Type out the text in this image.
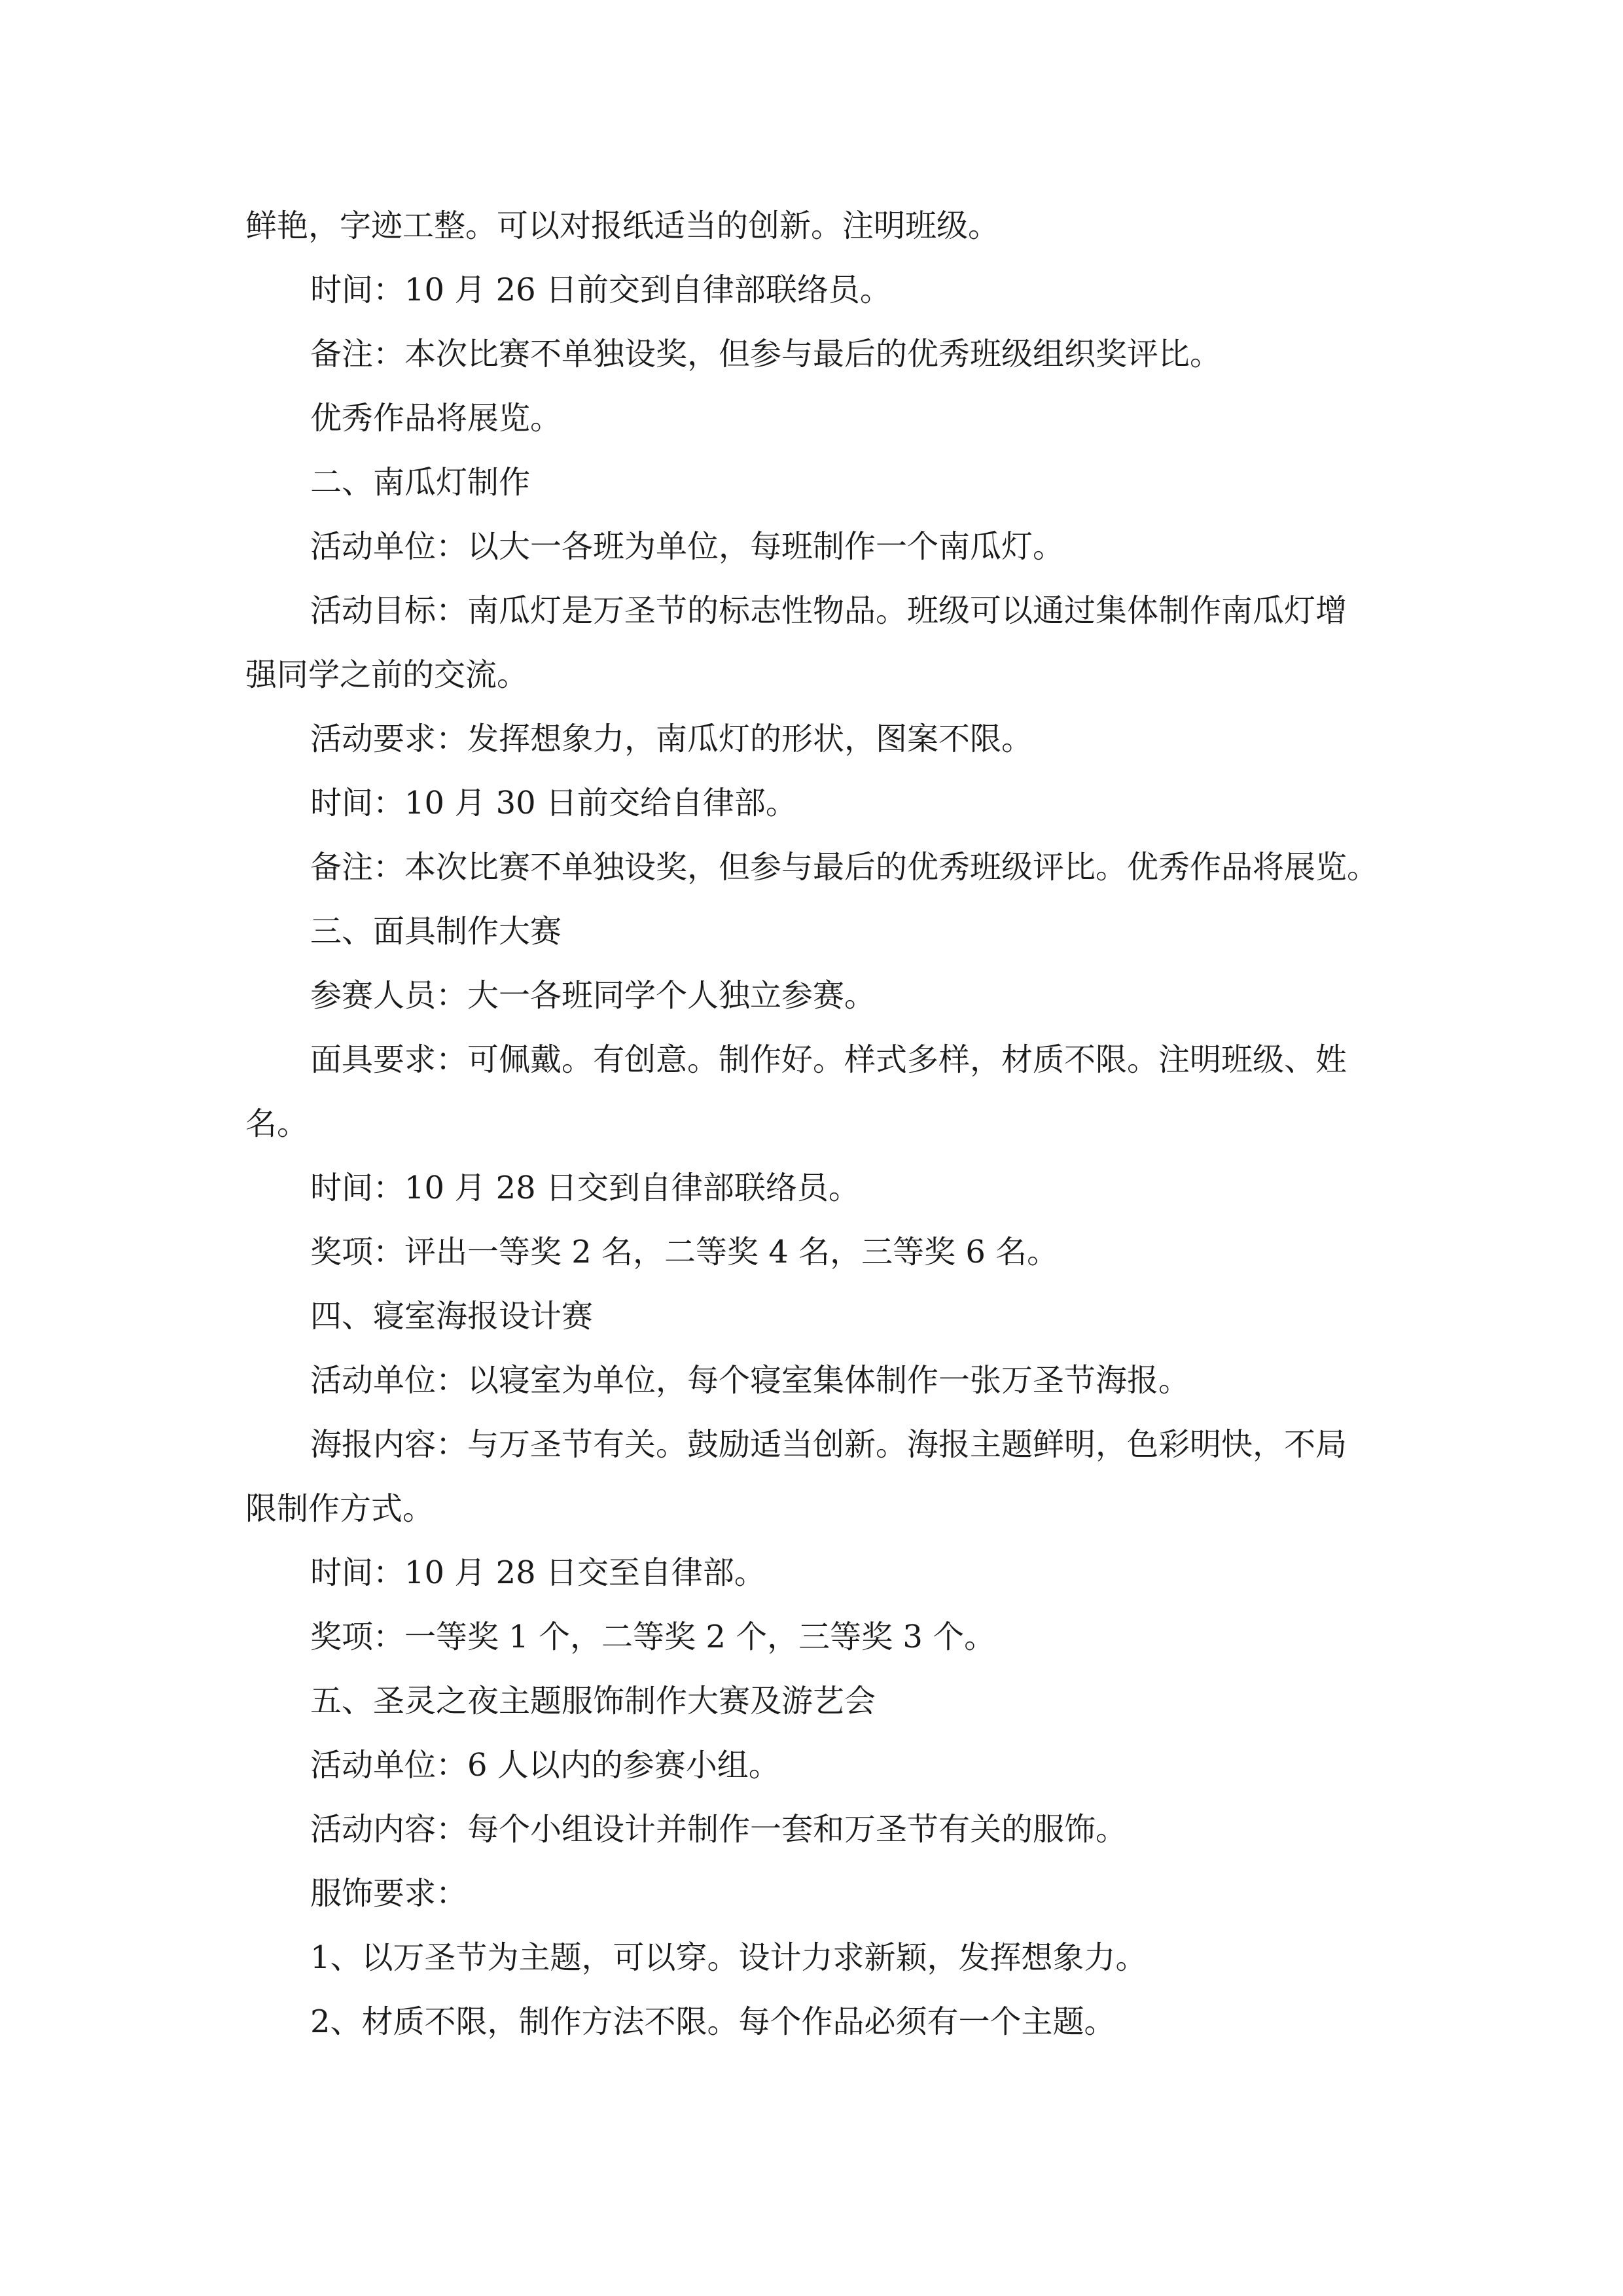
鲜艳，字迹工整。可以对报纸适当的创新。注明班级。

时间：10 月 26 日前交到自律部联络员。

备注：本次比赛不单独设奖，但参与最后的优秀班级组织奖评比。

优秀作品将展览。

二、南瓜灯制作

活动单位：以大一各班为单位，每班制作一个南瓜灯。

活动目标：南瓜灯是万圣节的标志性物品。班级可以通过集体制作南瓜灯增

强同学之前的交流。

活动要求：发挥想象力，南瓜灯的形状，图案不限。

时间：10 月 30 日前交给自律部。

备注：本次比赛不单独设奖，但参与最后的优秀班级评比。优秀作品将展览。

三、面具制作大赛

参赛人员：大一各班同学个人独立参赛。

面具要求：可佩戴。有创意。制作好。样式多样，材质不限。注明班级、姓

名。

时间：10 月 28 日交到自律部联络员。

奖项：评出一等奖 2 名，二等奖 4 名，三等奖 6 名。

四、寝室海报设计赛

活动单位：以寝室为单位，每个寝室集体制作一张万圣节海报。

海报内容：与万圣节有关。鼓励适当创新。海报主题鲜明，色彩明快，不局

限制作方式。

时间：10 月 28 日交至自律部。

奖项：一等奖 1 个，二等奖 2 个，三等奖 3 个。

五、圣灵之夜主题服饰制作大赛及游艺会

活动单位：6 人以内的参赛小组。

活动内容：每个小组设计并制作一套和万圣节有关的服饰。

服饰要求：

1、以万圣节为主题，可以穿。设计力求新颖，发挥想象力。

2、材质不限，制作方法不限。每个作品必须有一个主题。
